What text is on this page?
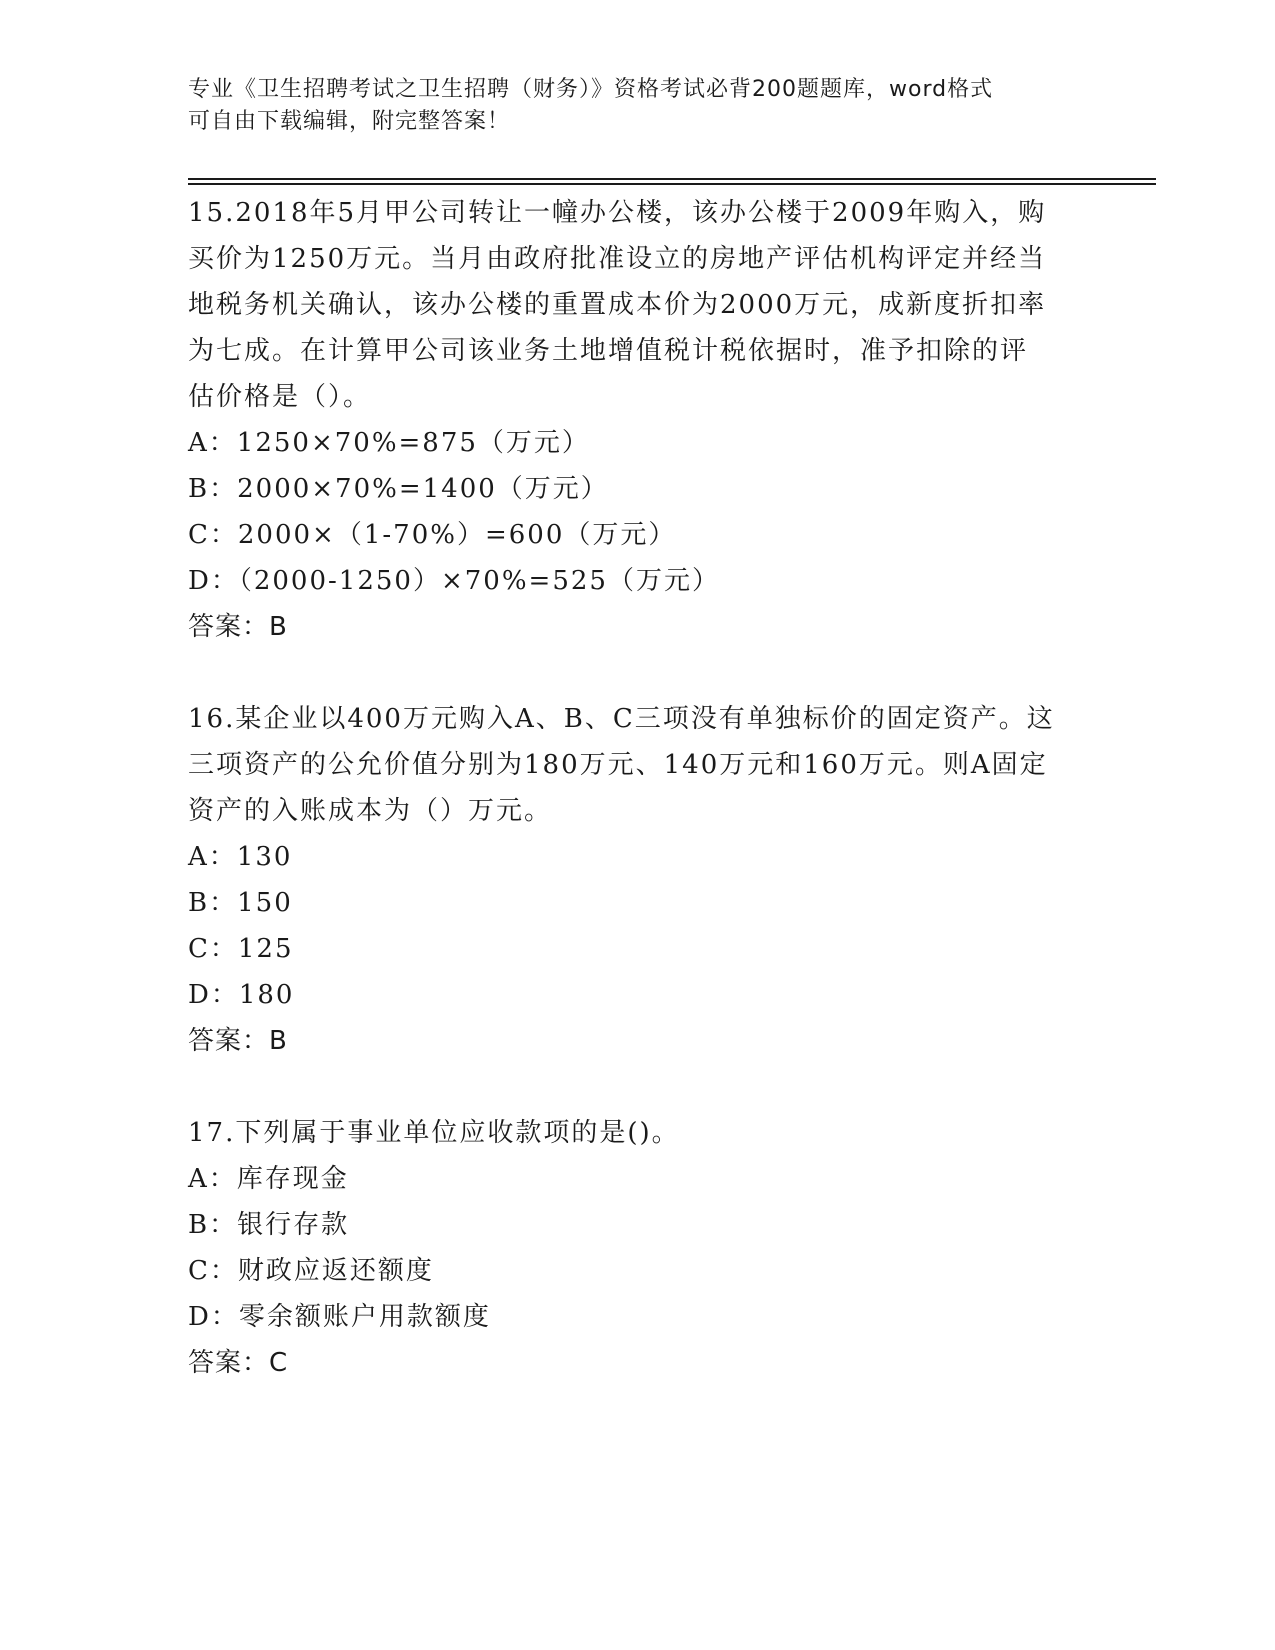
专业《卫生招聘考试之卫生招聘（财务）》资格考试必背200题题库，word格式
可自由下载编辑，附完整答案！

15.2018年5月甲公司转让一幢办公楼，该办公楼于2009年购入，购

买价为1250万元。当月由政府批准设立的房地产评估机构评定并经当

地税务机关确认，该办公楼的重置成本价为2000万元，成新度折扣率

为七成。在计算甲公司该业务土地增值税计税依据时，准予扣除的评

估价格是（）。

A：1250×70%=875（万元）

B：2000×70%=1400（万元）

C：2000×（1-70%）=600（万元）

D：（2000-1250）×70%=525（万元）

答案：B

16.某企业以400万元购入A、B、C三项没有单独标价的固定资产。这

三项资产的公允价值分别为180万元、140万元和160万元。则A固定

资产的入账成本为（）万元。

A：130

B：150

C：125

D：180

答案：B

17.下列属于事业单位应收款项的是()。

A：库存现金

B：银行存款

C：财政应返还额度

D：零余额账户用款额度

答案：C
